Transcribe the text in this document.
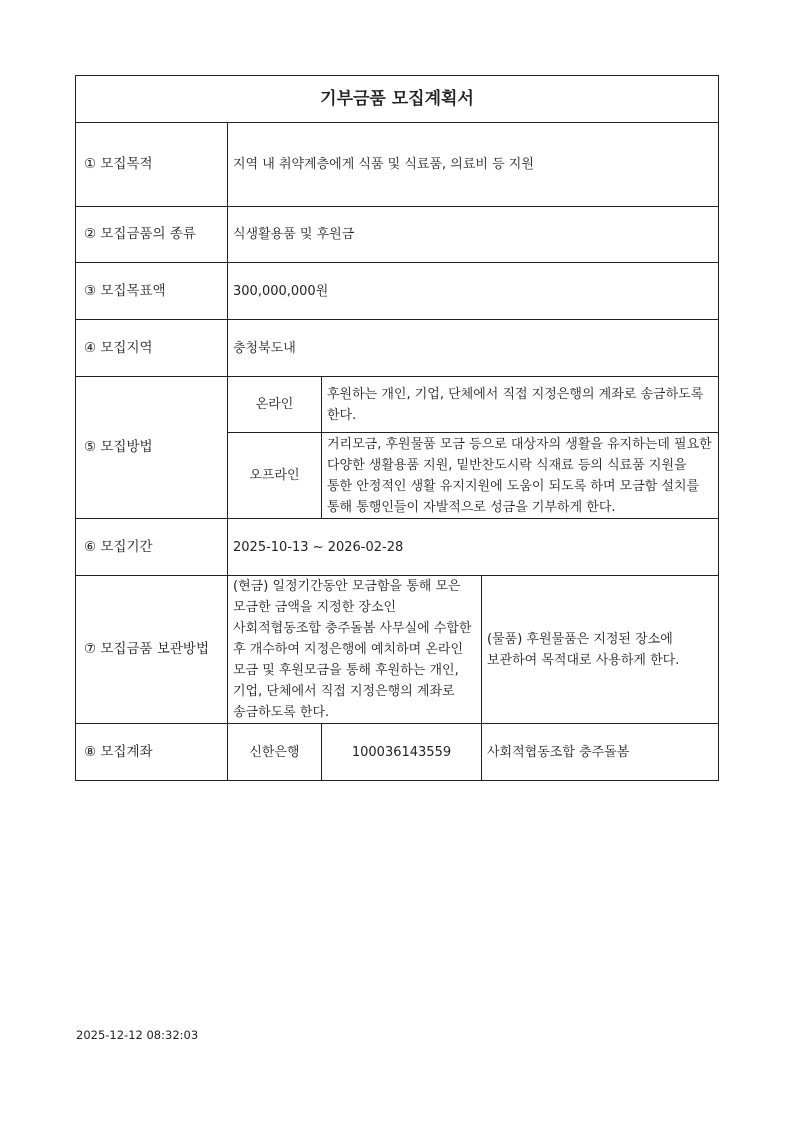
기부금품 모집계획서			
① 모집목적	지역 내 취약계층에게 식품 및 식료품, 의료비 등 지원		
② 모집금품의 종류	식생활용품 및 후원금		
③ 모집목표액	300,000,000원		
④ 모집지역	충청북도내		
⑤ 모집방법	온라인	후원하는 개인, 기업, 단체에서 직접 지정은행의 계좌로 송금하도록 한다.	
	오프라인	거리모금, 후원물품 모금 등으로 대상자의 생활을 유지하는데 필요한 다양한 생활용품 지원, 밑반찬도시락 식재료 등의 식료품 지원을 통한 안정적인 생활 유지지원에 도움이 되도록 하며 모금함 설치를 통해 통행인들이 자발적으로 성금을 기부하게 한다.	
⑥ 모집기간	2025-10-13 ~ 2026-02-28		
⑦ 모집금품 보관방법	(현금) 일정기간동안 모금함을 통해 모은 모금한 금액을 지정한 장소인 사회적협동조합 충주돌봄 사무실에 수합한 후 개수하여 지정은행에 예치하며 온라인 모금 및 후원모금을 통해 후원하는 개인, 기업, 단체에서 직접 지정은행의 계좌로 송금하도록 한다.		(물품) 후원물품은 지정된 장소에 보관하여 목적대로 사용하게 한다.
⑧ 모집계좌	신한은행	100036143559	사회적협동조합 충주돌봄
2025-12-12 08:32:03
